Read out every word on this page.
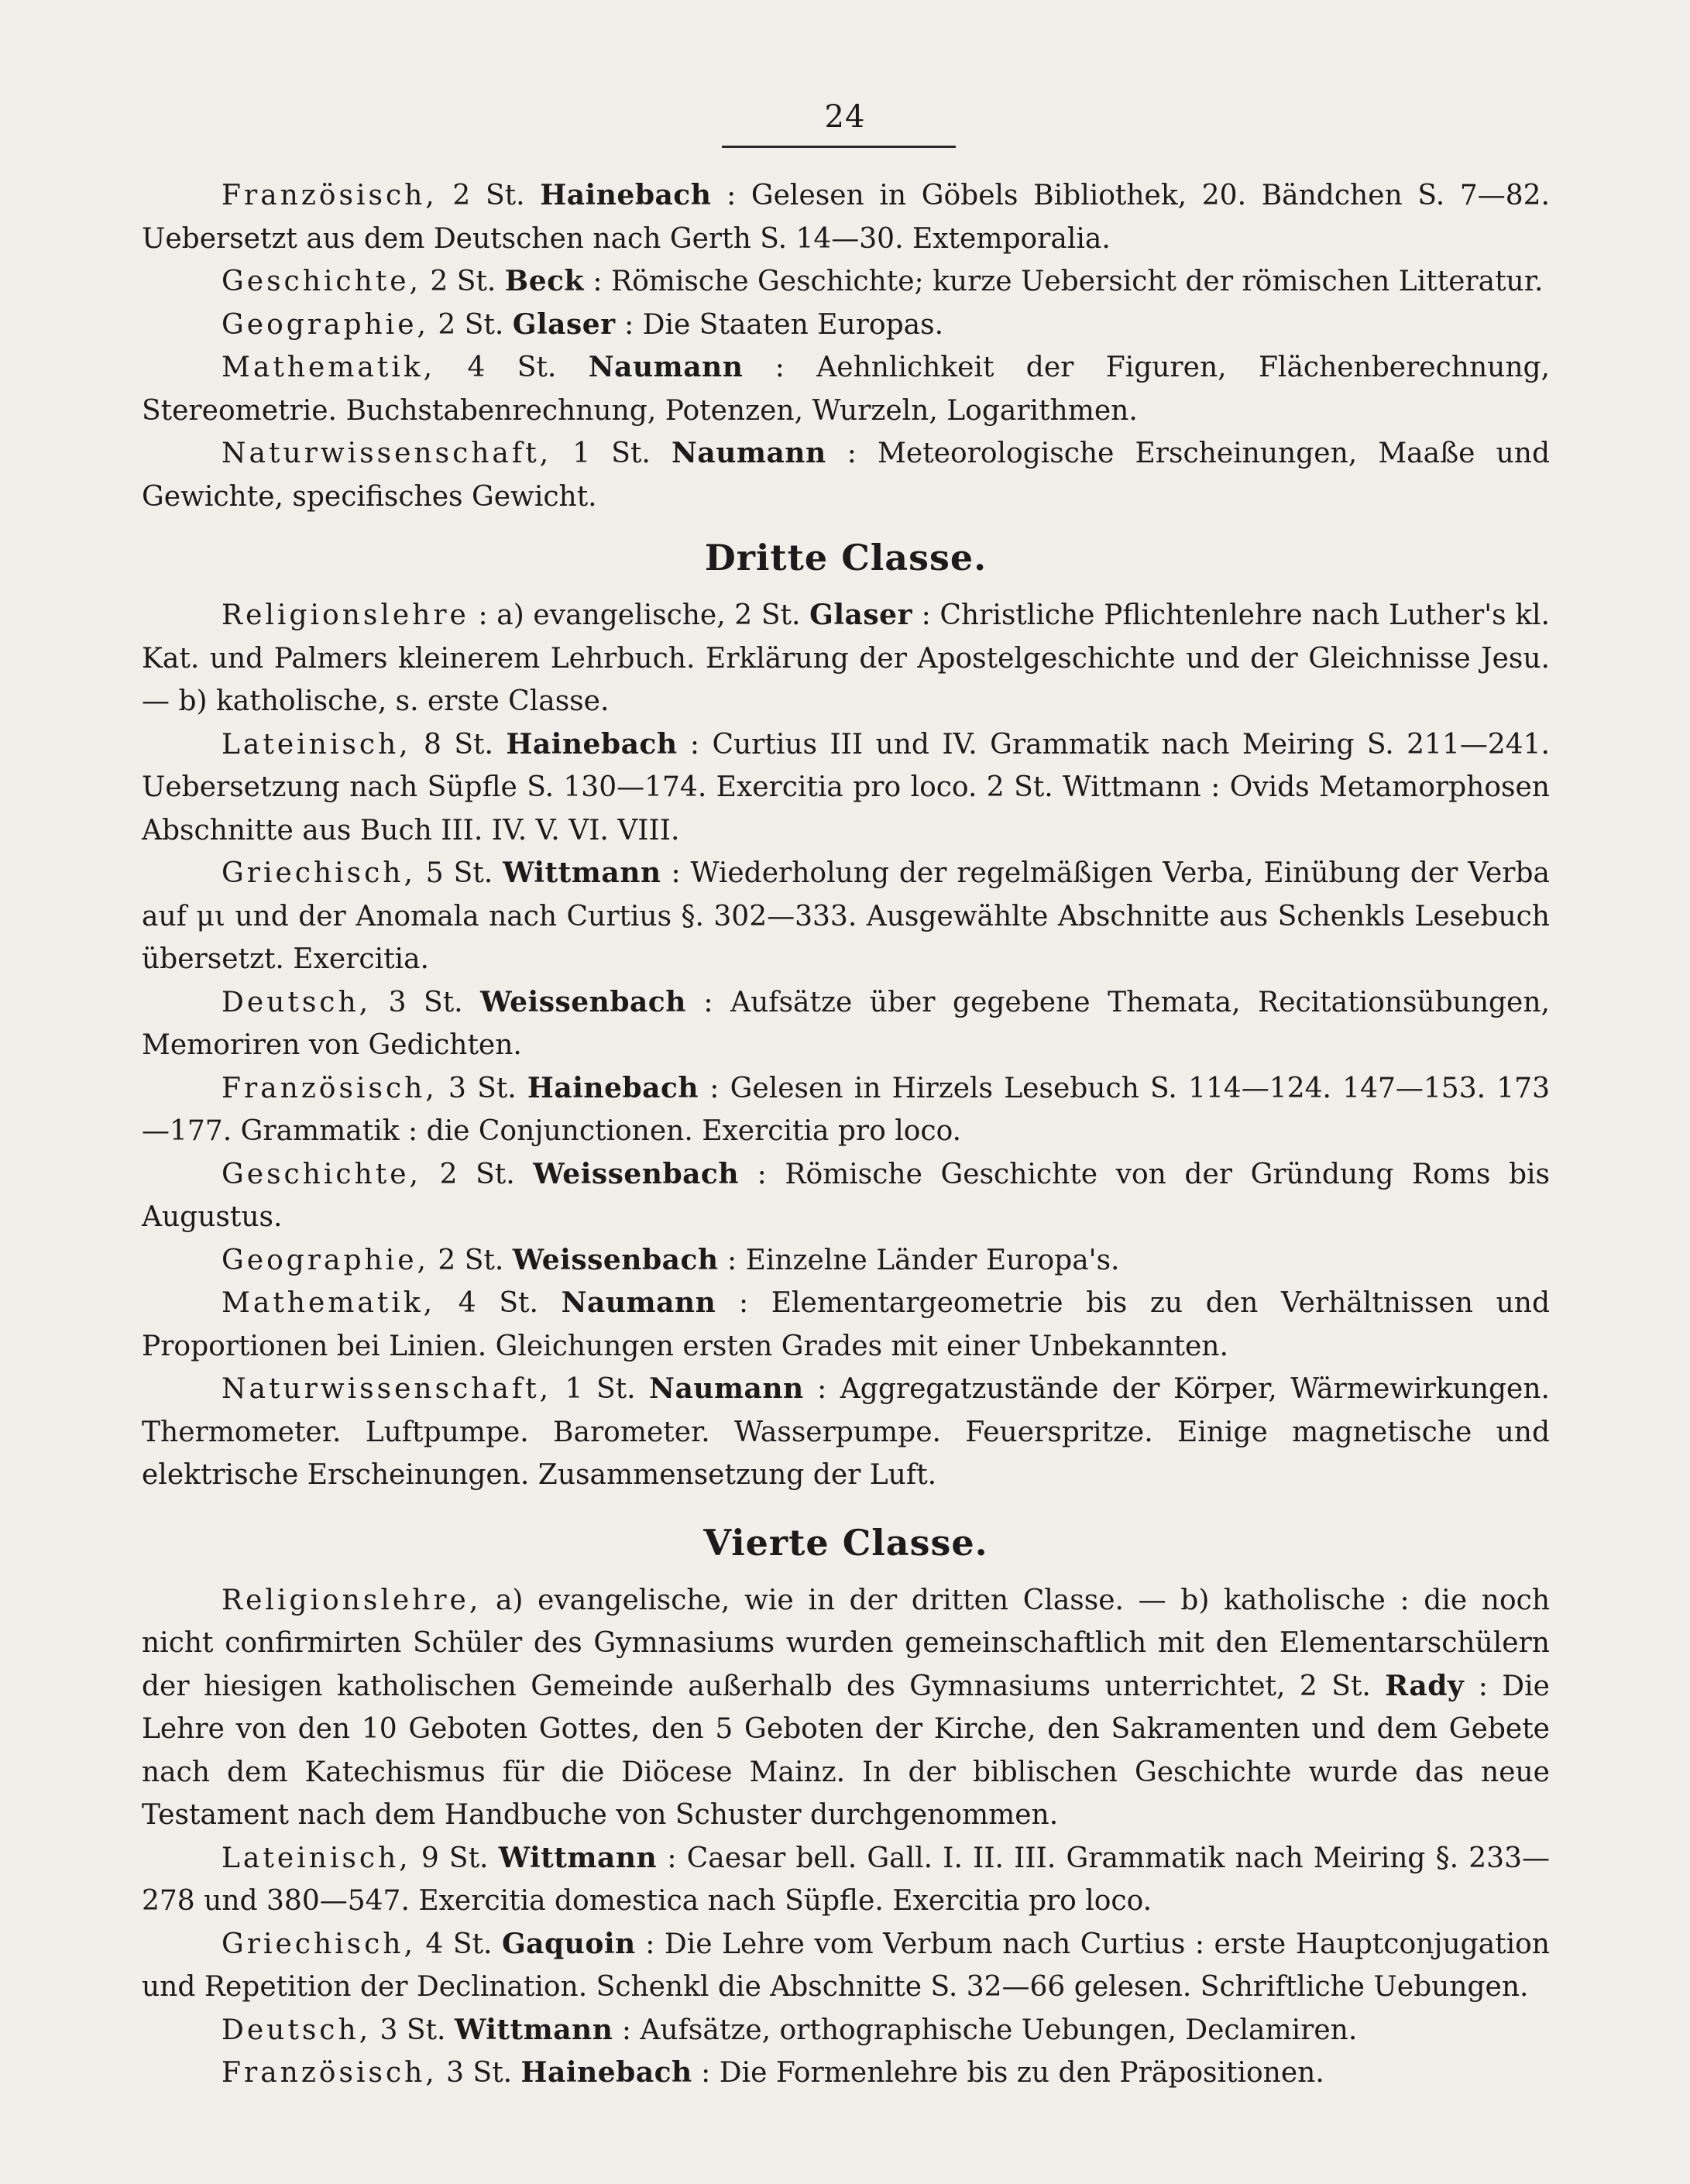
24

Französisch, 2 St. Hainebach : Gelesen in Göbels Bibliothek, 20. Bändchen S. 7—82. Uebersetzt aus dem Deutschen nach Gerth S. 14—30. Extemporalia.

Geschichte, 2 St. Beck : Römische Geschichte; kurze Uebersicht der römischen Litteratur.

Geographie, 2 St. Glaser : Die Staaten Europas.

Mathematik, 4 St. Naumann : Aehnlichkeit der Figuren, Flächenberechnung, Stereometrie. Buchstabenrechnung, Potenzen, Wurzeln, Logarithmen.

Naturwissenschaft, 1 St. Naumann : Meteorologische Erscheinungen, Maaße und Gewichte, specifisches Gewicht.

Dritte Classe.

Religionslehre : a) evangelische, 2 St. Glaser : Christliche Pflichtenlehre nach Luther's kl. Kat. und Palmers kleinerem Lehrbuch. Erklärung der Apostelgeschichte und der Gleichnisse Jesu. — b) katholische, s. erste Classe.

Lateinisch, 8 St. Hainebach : Curtius III und IV. Grammatik nach Meiring S. 211—241. Uebersetzung nach Süpfle S. 130—174. Exercitia pro loco. 2 St. Wittmann : Ovids Metamorphosen Abschnitte aus Buch III. IV. V. VI. VIII.

Griechisch, 5 St. Wittmann : Wiederholung der regelmäßigen Verba, Einübung der Verba auf μι und der Anomala nach Curtius §. 302—333. Ausgewählte Abschnitte aus Schenkls Lesebuch übersetzt. Exercitia.

Deutsch, 3 St. Weissenbach : Aufsätze über gegebene Themata, Recitationsübungen, Memoriren von Gedichten.

Französisch, 3 St. Hainebach : Gelesen in Hirzels Lesebuch S. 114—124. 147—153. 173—177. Grammatik : die Conjunctionen. Exercitia pro loco.

Geschichte, 2 St. Weissenbach : Römische Geschichte von der Gründung Roms bis Augustus.

Geographie, 2 St. Weissenbach : Einzelne Länder Europa's.

Mathematik, 4 St. Naumann : Elementargeometrie bis zu den Verhältnissen und Proportionen bei Linien. Gleichungen ersten Grades mit einer Unbekannten.

Naturwissenschaft, 1 St. Naumann : Aggregatzustände der Körper, Wärmewirkungen. Thermometer. Luftpumpe. Barometer. Wasserpumpe. Feuerspritze. Einige magnetische und elektrische Erscheinungen. Zusammensetzung der Luft.

Vierte Classe.

Religionslehre, a) evangelische, wie in der dritten Classe. — b) katholische : die noch nicht confirmirten Schüler des Gymnasiums wurden gemeinschaftlich mit den Elementarschülern der hiesigen katholischen Gemeinde außerhalb des Gymnasiums unterrichtet, 2 St. Rady : Die Lehre von den 10 Geboten Gottes, den 5 Geboten der Kirche, den Sakramenten und dem Gebete nach dem Katechismus für die Diöcese Mainz. In der biblischen Geschichte wurde das neue Testament nach dem Handbuche von Schuster durchgenommen.

Lateinisch, 9 St. Wittmann : Caesar bell. Gall. I. II. III. Grammatik nach Meiring §. 233—278 und 380—547. Exercitia domestica nach Süpfle. Exercitia pro loco.

Griechisch, 4 St. Gaquoin : Die Lehre vom Verbum nach Curtius : erste Hauptconjugation und Repetition der Declination. Schenkl die Abschnitte S. 32—66 gelesen. Schriftliche Uebungen.

Deutsch, 3 St. Wittmann : Aufsätze, orthographische Uebungen, Declamiren.

Französisch, 3 St. Hainebach : Die Formenlehre bis zu den Präpositionen.
